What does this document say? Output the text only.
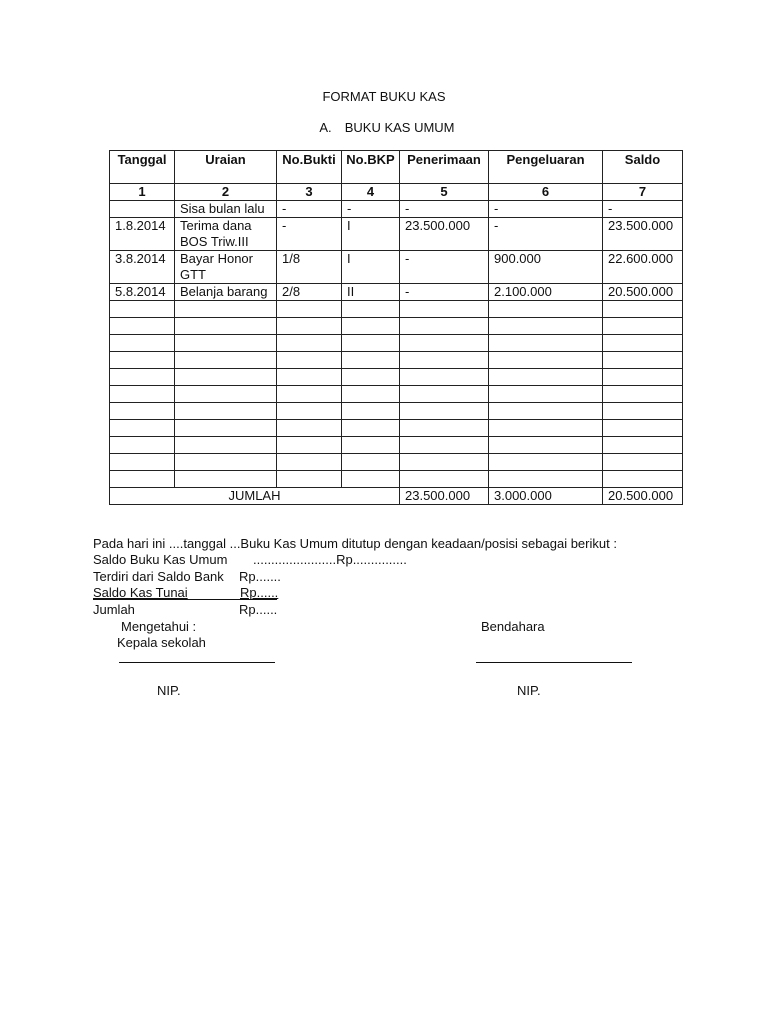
FORMAT BUKU KAS
A. BUKU KAS UMUM
Tanggal	Uraian	No.Bukti	No.BKP	Penerimaan	Pengeluaran	Saldo
1	2	3	4	5	6	7
	Sisa bulan lalu	-	-	-	-	-
1.8.2014	Terima dana BOS Triw.III	-	I	23.500.000	-	23.500.000
3.8.2014	Bayar Honor GTT	1/8	I	-	900.000	22.600.000
5.8.2014	Belanja barang	2/8	II	-	2.100.000	20.500.000

JUMLAH				23.500.000	3.000.000	20.500.000
Pada hari ini ....tanggal ...Buku Kas Umum ditutup dengan keadaan/posisi sebagai berikut :
Saldo Buku Kas Umum .......................Rp...............
Terdiri dari Saldo Bank Rp.......
Saldo Kas Tunai	Rp......
Jumlah	Rp......
Mengetahui :
Kepala sekolah
NIP.
Bendahara
NIP.
